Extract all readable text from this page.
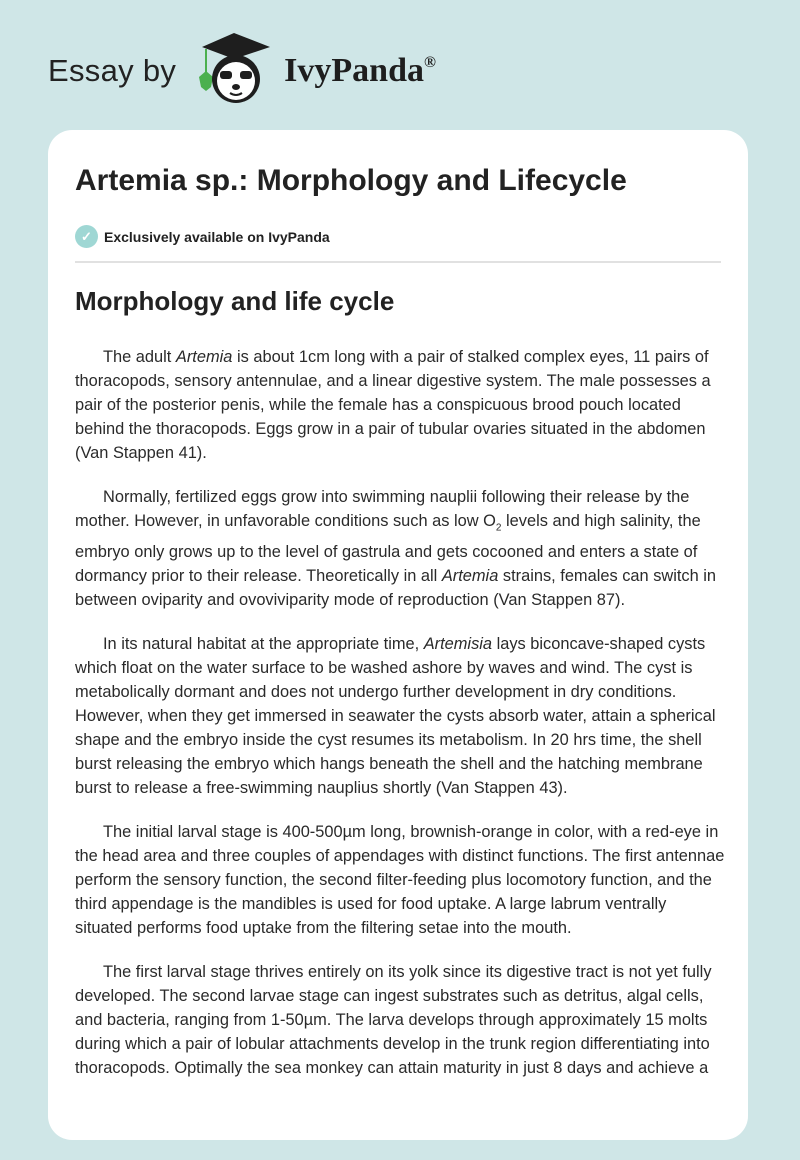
Essay by	IvyPanda®
Artemia sp.: Morphology and Lifecycle
✓ Exclusively available on IvyPanda
Morphology and life cycle

The adult Artemia is about 1cm long with a pair of stalked complex eyes, 11 pairs of thoracopods, sensory antennulae, and a linear digestive system. The male possesses a pair of the posterior penis, while the female has a conspicuous brood pouch located behind the thoracopods. Eggs grow in a pair of tubular ovaries situated in the abdomen (Van Stappen 41).

Normally, fertilized eggs grow into swimming nauplii following their release by the mother. However, in unfavorable conditions such as low $O_2$ levels and high salinity, the embryo only grows up to the level of gastrula and gets cocooned and enters a state of dormancy prior to their release. Theoretically in all Artemia strains, females can switch in between oviparity and ovoviviparity mode of reproduction (Van Stappen 87).

In its natural habitat at the appropriate time, Artemisia lays biconcave-shaped cysts which float on the water surface to be washed ashore by waves and wind. The cyst is metabolically dormant and does not undergo further development in dry conditions. However, when they get immersed in seawater the cysts absorb water, attain a spherical shape and the embryo inside the cyst resumes its metabolism. In 20 hrs time, the shell burst releasing the embryo which hangs beneath the shell and the hatching membrane burst to release a free-swimming nauplius shortly (Van Stappen 43).

The initial larval stage is 400-500µm long, brownish-orange in color, with a red-eye in the head area and three couples of appendages with distinct functions. The first antennae perform the sensory function, the second filter-feeding plus locomotory function, and the third appendage is the mandibles is used for food uptake. A large labrum ventrally situated performs food uptake from the filtering setae into the mouth.

The first larval stage thrives entirely on its yolk since its digestive tract is not yet fully developed. The second larvae stage can ingest substrates such as detritus, algal cells, and bacteria, ranging from 1-50µm. The larva develops through approximately 15 molts during which a pair of lobular attachments develop in the trunk region differentiating into thoracopods. Optimally the sea monkey can attain maturity in just 8 days and achieve a
